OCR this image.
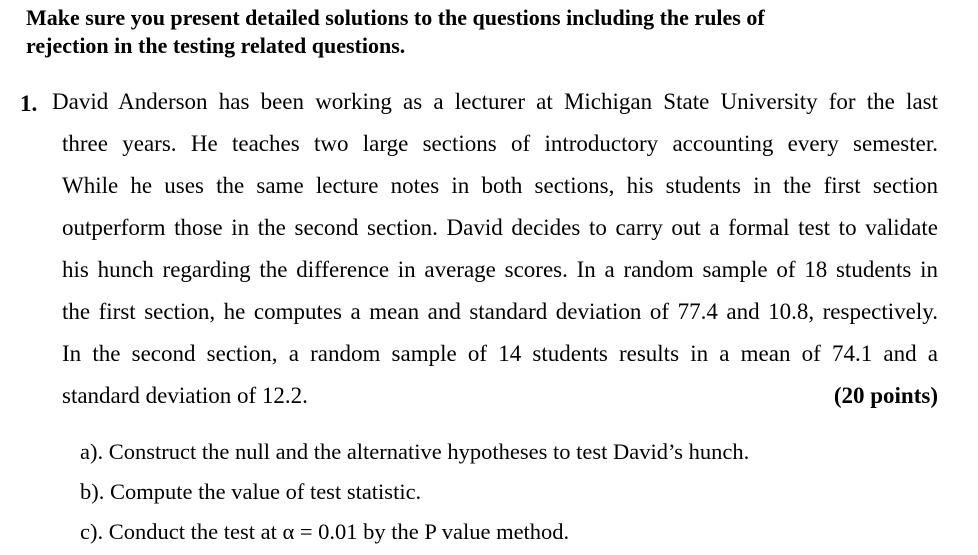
Make sure you present detailed solutions to the questions including the rules of
rejection in the testing related questions.
1. David Anderson has been working as a lecturer at Michigan State University for the last
three years. He teaches two large sections of introductory accounting every semester.
While he uses the same lecture notes in both sections, his students in the first section
outperform those in the second section. David decides to carry out a formal test to validate
his hunch regarding the difference in average scores. In a random sample of 18 students in
the first section, he computes a mean and standard deviation of 77.4 and 10.8, respectively.
In the second section, a random sample of 14 students results in a mean of 74.1 and a
standard deviation of 12.2.	(20 points)
a). Construct the null and the alternative hypotheses to test David’s hunch.
b). Compute the value of test statistic.
c). Conduct the test at α = 0.01 by the P value method.
